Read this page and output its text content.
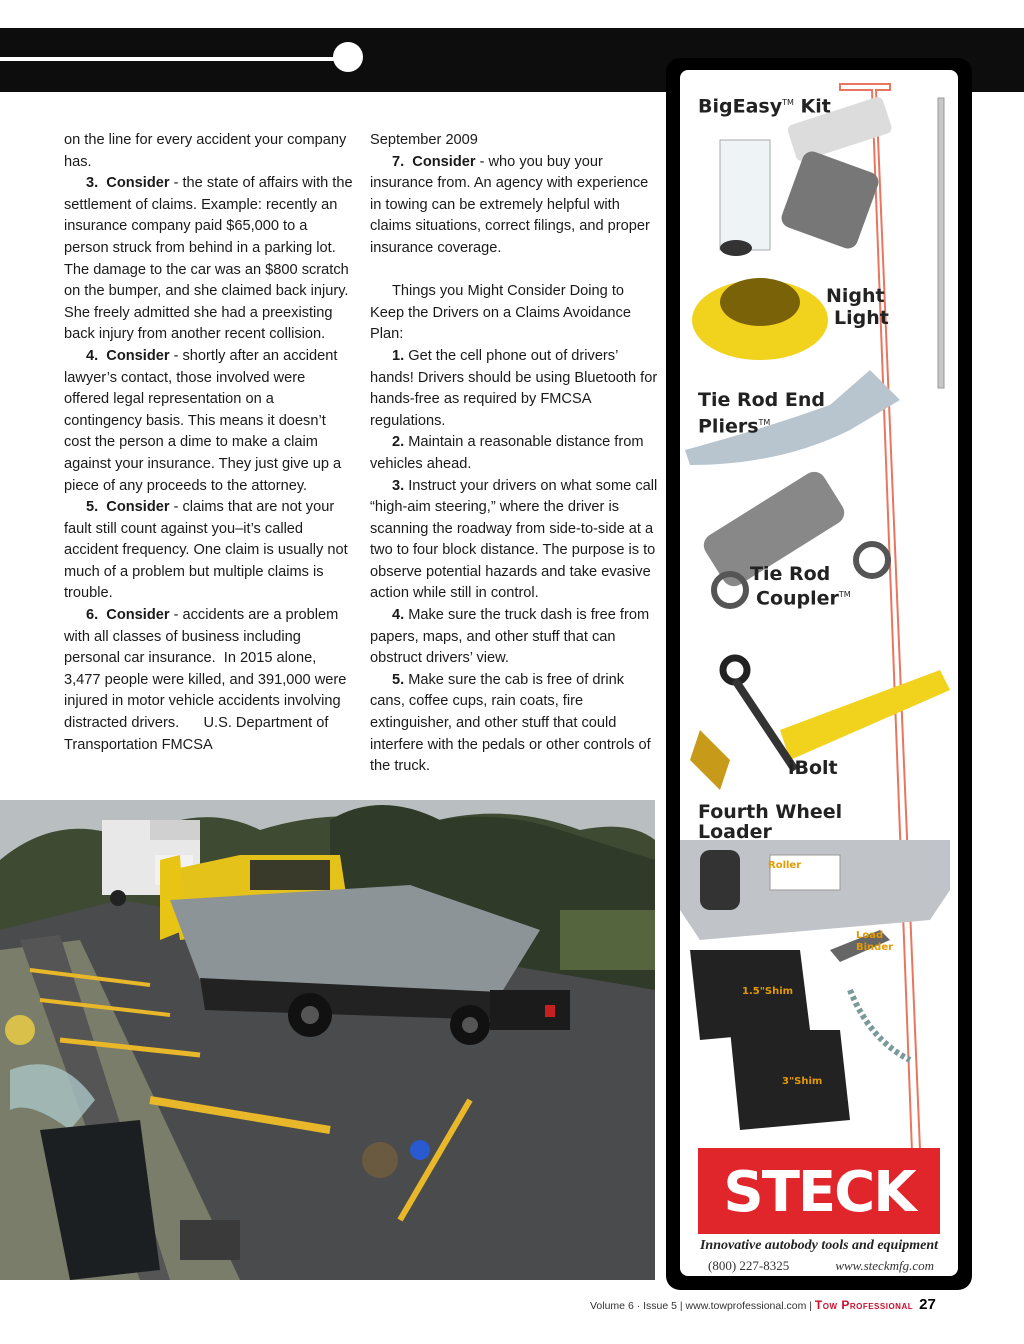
on the line for every accident your company has.

3. Consider - the state of affairs with the settlement of claims. Example: recently an insurance company paid $65,000 to a person struck from behind in a parking lot. The damage to the car was an $800 scratch on the bumper, and she claimed back injury. She freely admitted she had a preexisting back injury from another recent collision.

4. Consider - shortly after an accident lawyer’s contact, those involved were offered legal representation on a contingency basis. This means it doesn’t cost the person a dime to make a claim against your insurance. They just give up a piece of any proceeds to the attorney.

5. Consider - claims that are not your fault still count against you–it’s called accident frequency. One claim is usually not much of a problem but multiple claims is trouble.

6. Consider - accidents are a problem with all classes of business including personal car insurance.  In 2015 alone, 3,477 people were killed, and 391,000 were injured in motor vehicle accidents involving distracted drivers.      U.S. Department of Transportation FMCSA

September 2009

7. Consider - who you buy your insurance from. An agency with experience in towing can be extremely helpful with claims situations, correct filings, and proper insurance coverage.

Things you Might Consider Doing to Keep the Drivers on a Claims Avoidance Plan:

1. Get the cell phone out of drivers’ hands! Drivers should be using Bluetooth for hands-free as required by FMCSA regulations.

2. Maintain a reasonable distance from vehicles ahead.

3. Instruct your drivers on what some call “high-aim steering,” where the driver is scanning the roadway from side-to-side at a two to four block distance. The purpose is to observe potential hazards and take evasive action while still in control.

4. Make sure the truck dash is free from papers, maps, and other stuff that can obstruct drivers’ view.

5. Make sure the cab is free of drink cans, coffee cups, rain coats, fire extinguisher, and other stuff that could interfere with the pedals or other controls of the truck.

BigEasy™ Kit
Night
Light
Tie Rod End
Pliers™
Tie Rod
Coupler™
iBolt
Fourth Wheel
Loader
Roller
Load
Binder
1.5"Shim
3"Shim
STECK
Innovative autobody tools and equipment
(800) 227-8325	www.steckmfg.com
Volume 6 · Issue 5 | www.towprofessional.com | Tow Professional 27
